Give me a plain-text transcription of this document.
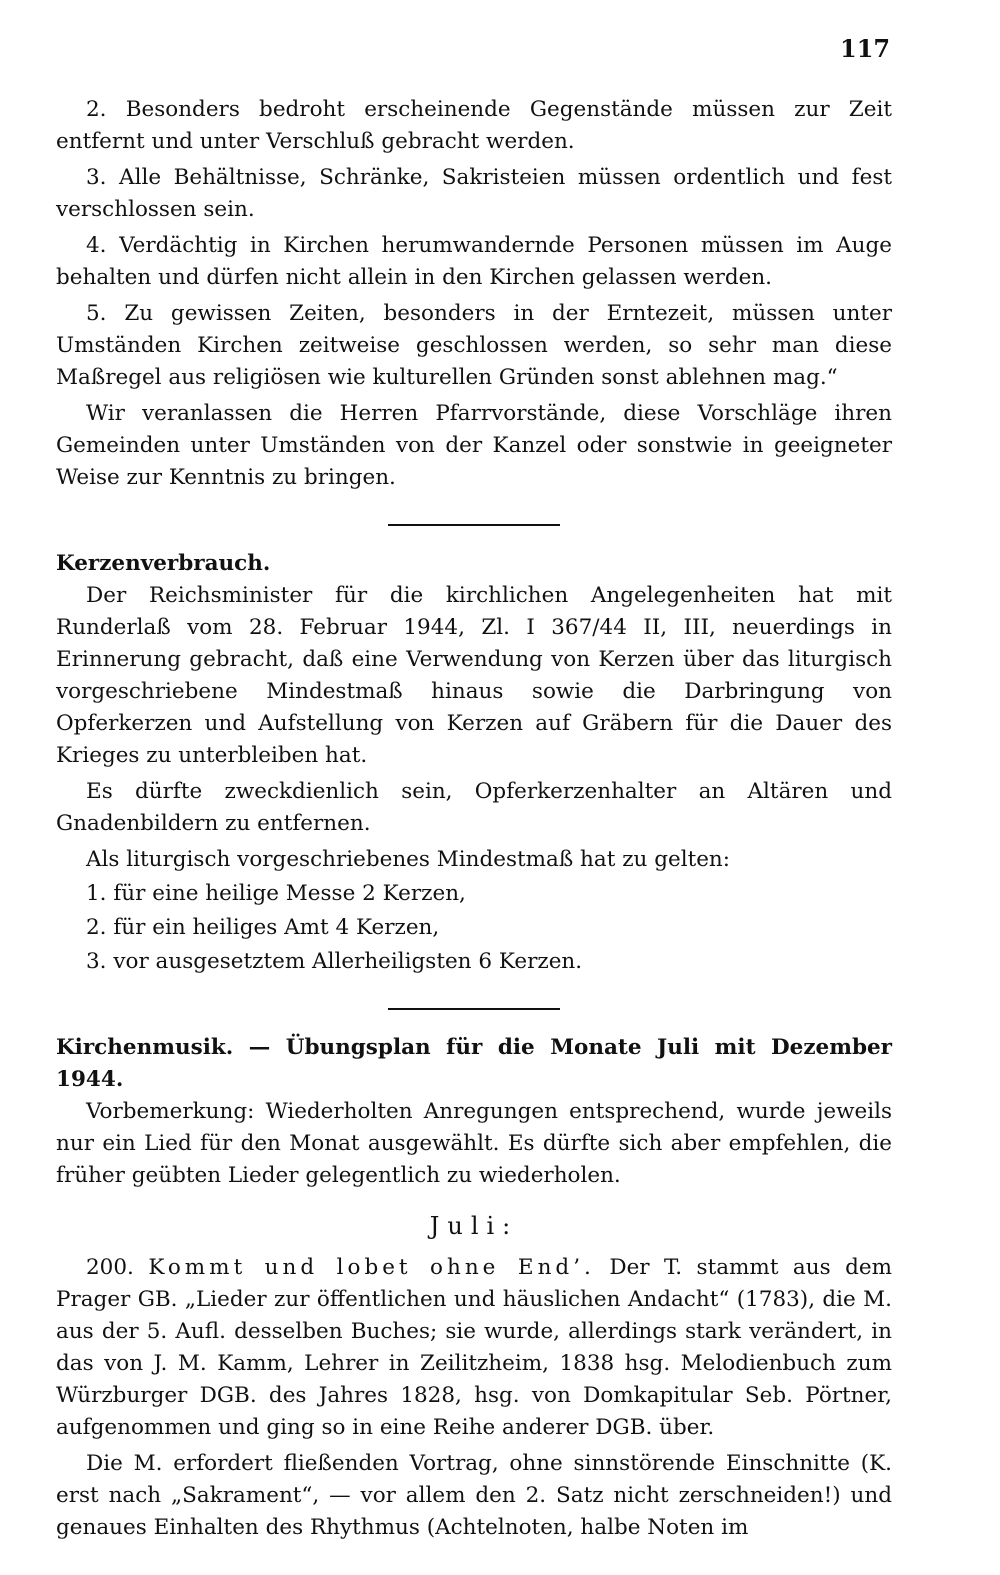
117

2. Besonders bedroht erscheinende Gegenstände müssen zur Zeit entfernt und unter Verschluß gebracht werden.

3. Alle Behältnisse, Schränke, Sakristeien müssen ordentlich und fest verschlossen sein.

4. Verdächtig in Kirchen herumwandernde Personen müssen im Auge behalten und dürfen nicht allein in den Kirchen gelassen werden.

5. Zu gewissen Zeiten, besonders in der Erntezeit, müssen unter Umständen Kirchen zeitweise geschlossen werden, so sehr man diese Maßregel aus religiösen wie kulturellen Gründen sonst ablehnen mag.“

Wir veranlassen die Herren Pfarrvorstände, diese Vorschläge ihren Gemeinden unter Umständen von der Kanzel oder sonstwie in geeigneter Weise zur Kenntnis zu bringen.

Kerzenverbrauch.

Der Reichsminister für die kirchlichen Angelegenheiten hat mit Runderlaß vom 28. Februar 1944, Zl. I 367/44 II, III, neuerdings in Erinnerung gebracht, daß eine Verwendung von Kerzen über das liturgisch vorgeschriebene Mindestmaß hinaus sowie die Darbringung von Opferkerzen und Aufstellung von Kerzen auf Gräbern für die Dauer des Krieges zu unterbleiben hat.

Es dürfte zweckdienlich sein, Opferkerzenhalter an Altären und Gnadenbildern zu entfernen.

Als liturgisch vorgeschriebenes Mindestmaß hat zu gelten:

1. für eine heilige Messe 2 Kerzen,

2. für ein heiliges Amt 4 Kerzen,

3. vor ausgesetztem Allerheiligsten 6 Kerzen.

Kirchenmusik. — Übungsplan für die Monate Juli mit Dezember 1944.

Vorbemerkung: Wiederholten Anregungen entsprechend, wurde jeweils nur ein Lied für den Monat ausgewählt. Es dürfte sich aber empfehlen, die früher geübten Lieder gelegentlich zu wiederholen.

Juli:

200. Kommt und lobet ohne End’. Der T. stammt aus dem Prager GB. „Lieder zur öffentlichen und häuslichen Andacht“ (1783), die M. aus der 5. Aufl. desselben Buches; sie wurde, allerdings stark verändert, in das von J. M. Kamm, Lehrer in Zeilitzheim, 1838 hsg. Melodienbuch zum Würzburger DGB. des Jahres 1828, hsg. von Domkapitular Seb. Pörtner, aufgenommen und ging so in eine Reihe anderer DGB. über.

Die M. erfordert fließenden Vortrag, ohne sinnstörende Einschnitte (K. erst nach „Sakrament“, — vor allem den 2. Satz nicht zerschneiden!) und genaues Einhalten des Rhythmus (Achtelnoten, halbe Noten im
